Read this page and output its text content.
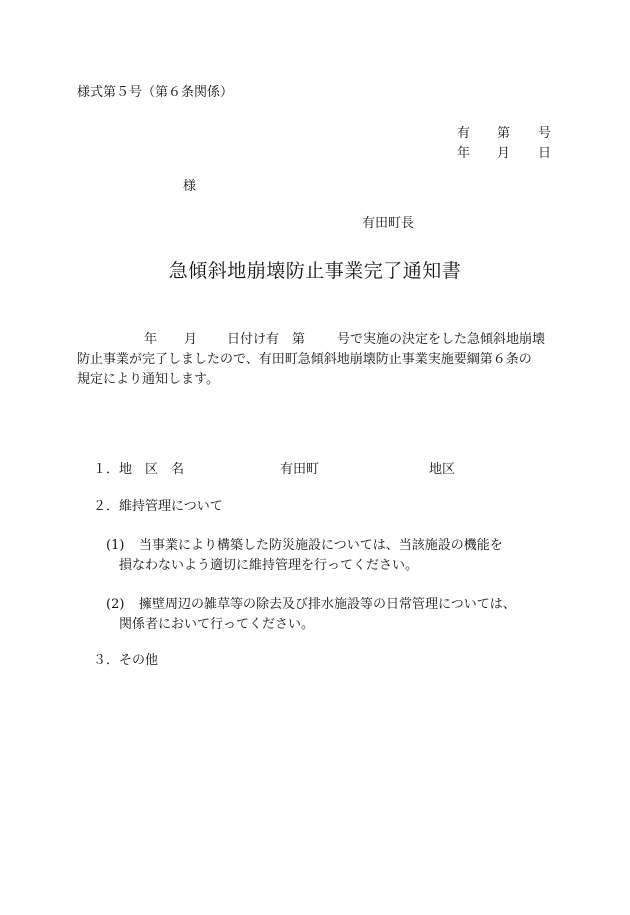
様式第５号（第６条関係）
有 第 号
年 月 日
様
有田町長
急傾斜地崩壊防止事業完了通知書
年 月 日付け有　第 号で実施の決定をした急傾斜地崩壊
防止事業が完了しましたので、有田町急傾斜地崩壊防止事業実施要綱第６条の
規定により通知します。
１．地　区　名	有田町	地区
２．維持管理について
(1) 当事業により構築した防災施設については、当該施設の機能を
損なわないよう適切に維持管理を行ってください。
(2) 擁壁周辺の雑草等の除去及び排水施設等の日常管理については、
関係者において行ってください。
３．その他
